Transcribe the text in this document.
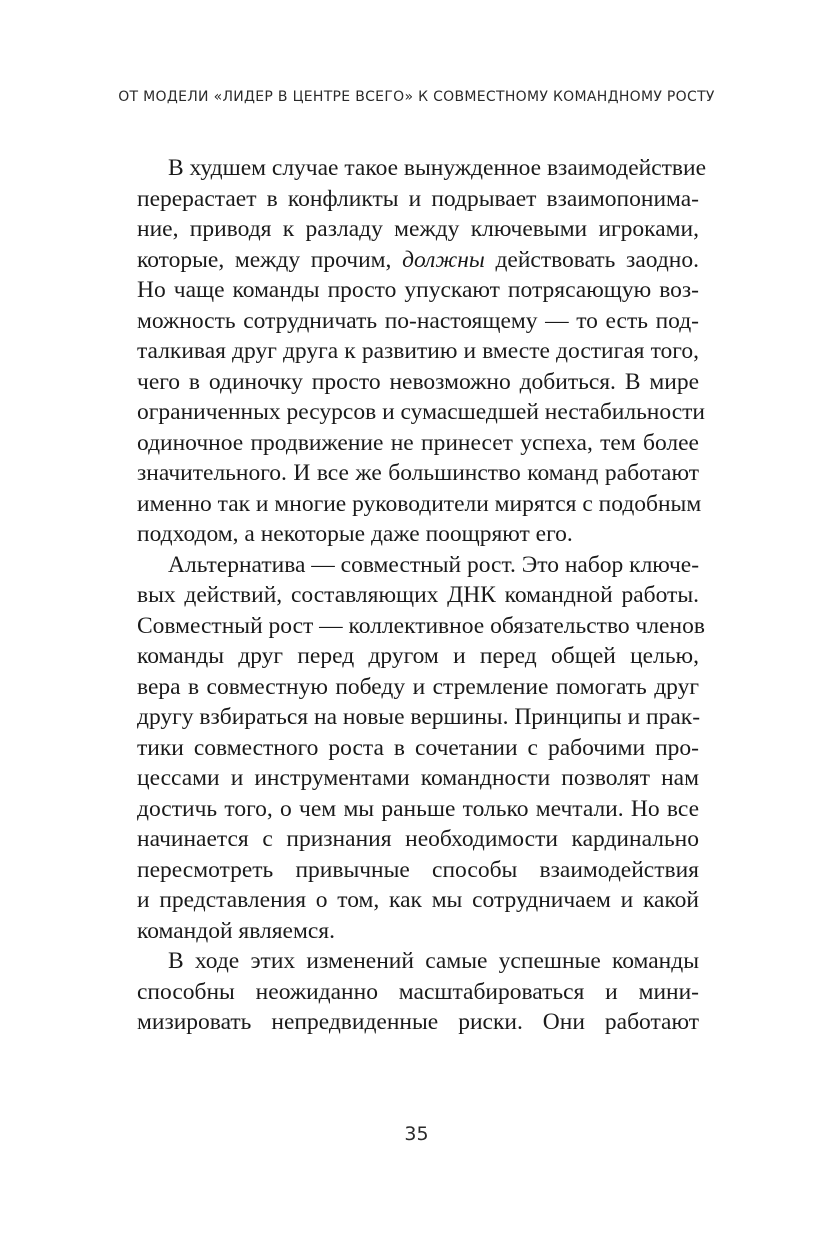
ОТ МОДЕЛИ «ЛИДЕР В ЦЕНТРЕ ВСЕГО» К СОВМЕСТНОМУ КОМАНДНОМУ РОСТУ
В худшем случае такое вынужденное взаимодействие
перерастает в конфликты и подрывает взаимопонима-
ние, приводя к разладу между ключевыми игроками,
которые, между прочим, должны действовать заодно.
Но чаще команды просто упускают потрясающую воз-
можность сотрудничать по-настоящему — то есть под-
талкивая друг друга к развитию и вместе достигая того,
чего в одиночку просто невозможно добиться. В мире
ограниченных ресурсов и сумасшедшей нестабильности
одиночное продвижение не принесет успеха, тем более
значительного. И все же большинство команд работают
именно так и многие руководители мирятся с подобным
подходом, а некоторые даже поощряют его.
Альтернатива — совместный рост. Это набор ключе-
вых действий, составляющих ДНК командной работы.
Совместный рост — коллективное обязательство членов
команды друг перед другом и перед общей целью,
вера в совместную победу и стремление помогать друг
другу взбираться на новые вершины. Принципы и прак-
тики совместного роста в сочетании с рабочими про-
цессами и инструментами командности позволят нам
достичь того, о чем мы раньше только мечтали. Но все
начинается с признания необходимости кардинально
пересмотреть привычные способы взаимодействия
и представления о том, как мы сотрудничаем и какой
командой являемся.
В ходе этих изменений самые успешные команды
способны неожиданно масштабироваться и мини-
мизировать непредвиденные риски. Они работают
35
